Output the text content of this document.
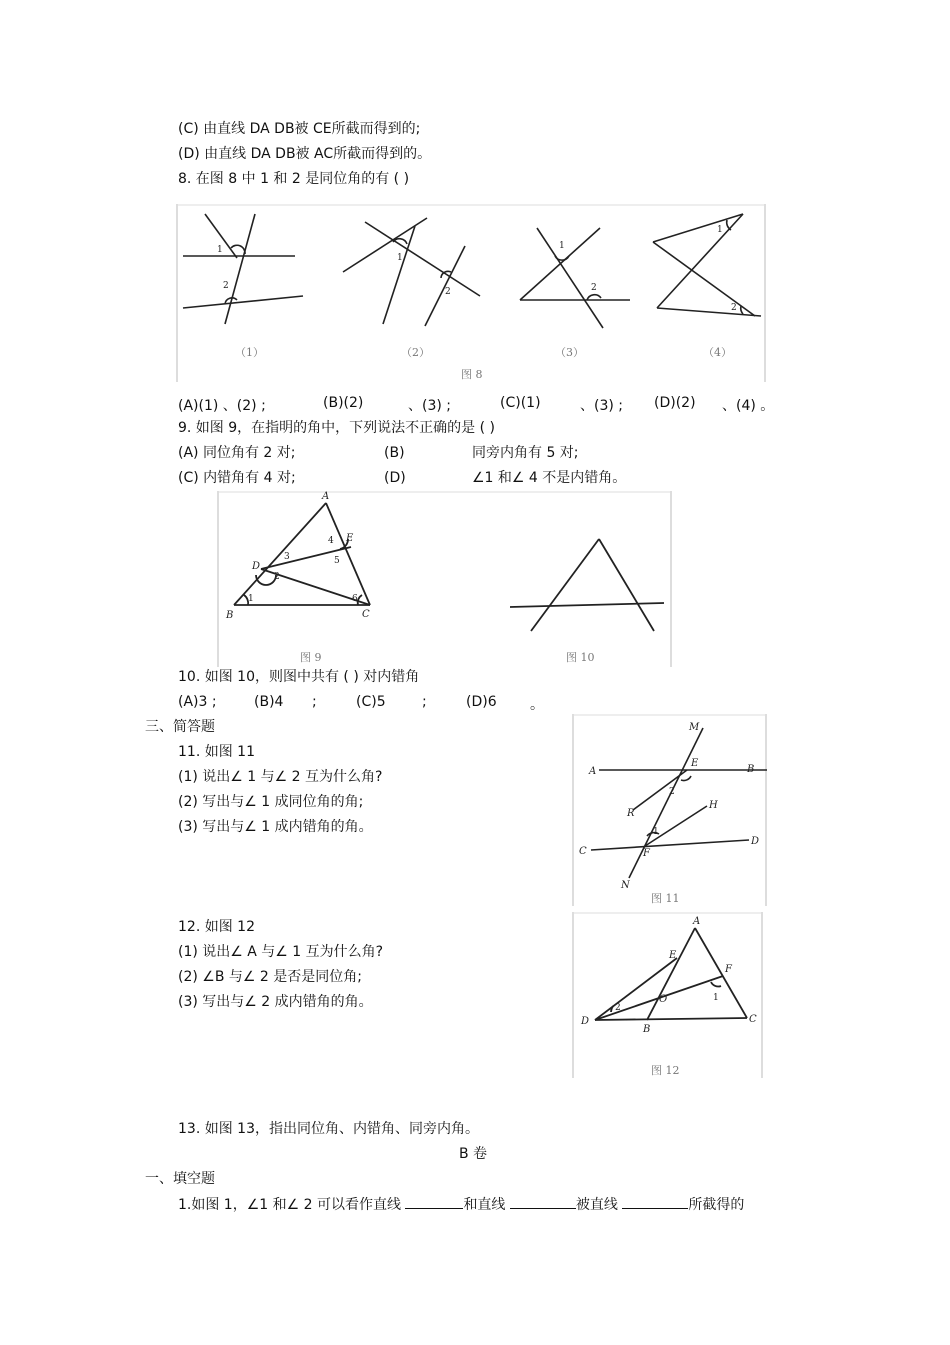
(C) 由直线 DA DB被 CE所截而得到的;
(D) 由直线 DA DB被 AC所截而得到的。
8. 在图 8 中 1 和 2 是同位角的有 ( )
1
2
1
2
1
2
1
2
（1）	（2）	（3）	（4）
图 8
(A)(1) 、(2) ;	(B)(2)	、(3) ;	(C)(1)	、(3) ; (D)(2) 、(4) 。
9. 如图 9，在指明的角中，下列说法不正确的是 ( )
(A) 同位角有 2 对;	(B)	同旁内角有 5 对;
(C) 内错角有 4 对;	(D)	∠1 和∠ 4 不是内错角。
A
B	C
D
E
1	6
2
3
4
5
图 9	图 10
10. 如图 10，则图中共有 ( ) 对内错角
(A)3 ;	(B)4 ;	(C)5	;	(D)6 。
三、简答题
11. 如图 11
(1) 说出∠ 1 与∠ 2 互为什么角?
(2) 写出与∠ 1 成同位角的角;
(3) 写出与∠ 1 成内错角的角。
M
A	B
E
R
H
C
D
F
N
2
1
图 11
12. 如图 12
(1) 说出∠ A 与∠ 1 互为什么角?
(2) ∠B 与∠ 2 是否是同位角;
(3) 写出与∠ 2 成内错角的角。
A
E
F
O
D
B
C
1
2
图 12
13. 如图 13，指出同位角、内错角、同旁内角。
B 卷
一、填空题
1.如图 1，∠1 和∠ 2 可以看作直线	和直线	被直线	所截得的
